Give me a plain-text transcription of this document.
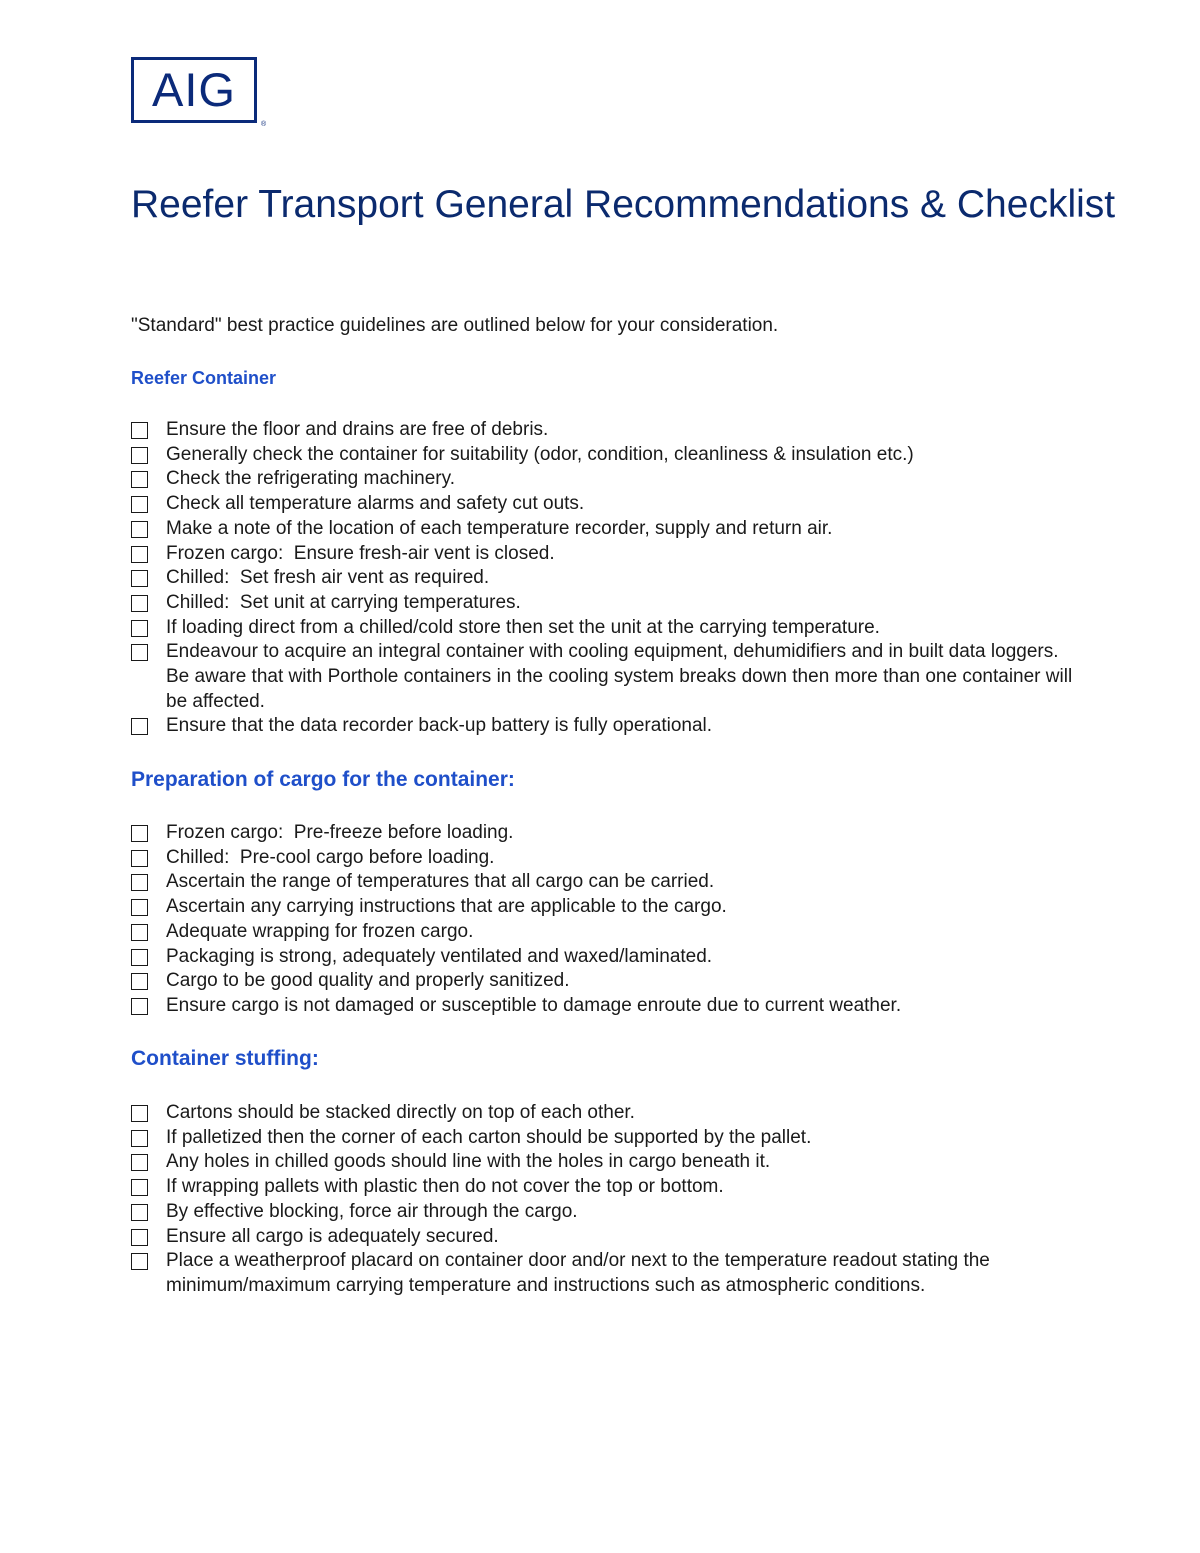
AIG
®
Reefer Transport General Recommendations & Checklist
"Standard" best practice guidelines are outlined below for your consideration.
Reefer Container
Ensure the floor and drains are free of debris.
Generally check the container for suitability (odor, condition, cleanliness & insulation etc.)
Check the refrigerating machinery.
Check all temperature alarms and safety cut outs.
Make a note of the location of each temperature recorder, supply and return air.
Frozen cargo:  Ensure fresh-air vent is closed.
Chilled:  Set fresh air vent as required.
Chilled:  Set unit at carrying temperatures.
If loading direct from a chilled/cold store then set the unit at the carrying temperature.
Endeavour to acquire an integral container with cooling equipment, dehumidifiers and in built data loggers.  Be aware that with Porthole containers in the cooling system breaks down then more than one container will be affected.
Ensure that the data recorder back-up battery is fully operational.
Preparation of cargo for the container:
Frozen cargo:  Pre-freeze before loading.
Chilled:  Pre-cool cargo before loading.
Ascertain the range of temperatures that all cargo can be carried.
Ascertain any carrying instructions that are applicable to the cargo.
Adequate wrapping for frozen cargo.
Packaging is strong, adequately ventilated and waxed/laminated.
Cargo to be good quality and properly sanitized.
Ensure cargo is not damaged or susceptible to damage enroute due to current weather.
Container stuffing:
Cartons should be stacked directly on top of each other.
If palletized then the corner of each carton should be supported by the pallet.
Any holes in chilled goods should line with the holes in cargo beneath it.
If wrapping pallets with plastic then do not cover the top or bottom.
By effective blocking, force air through the cargo.
Ensure all cargo is adequately secured.
Place a weatherproof placard on container door and/or next to the temperature readout stating the minimum/maximum carrying temperature and instructions such as atmospheric conditions.
